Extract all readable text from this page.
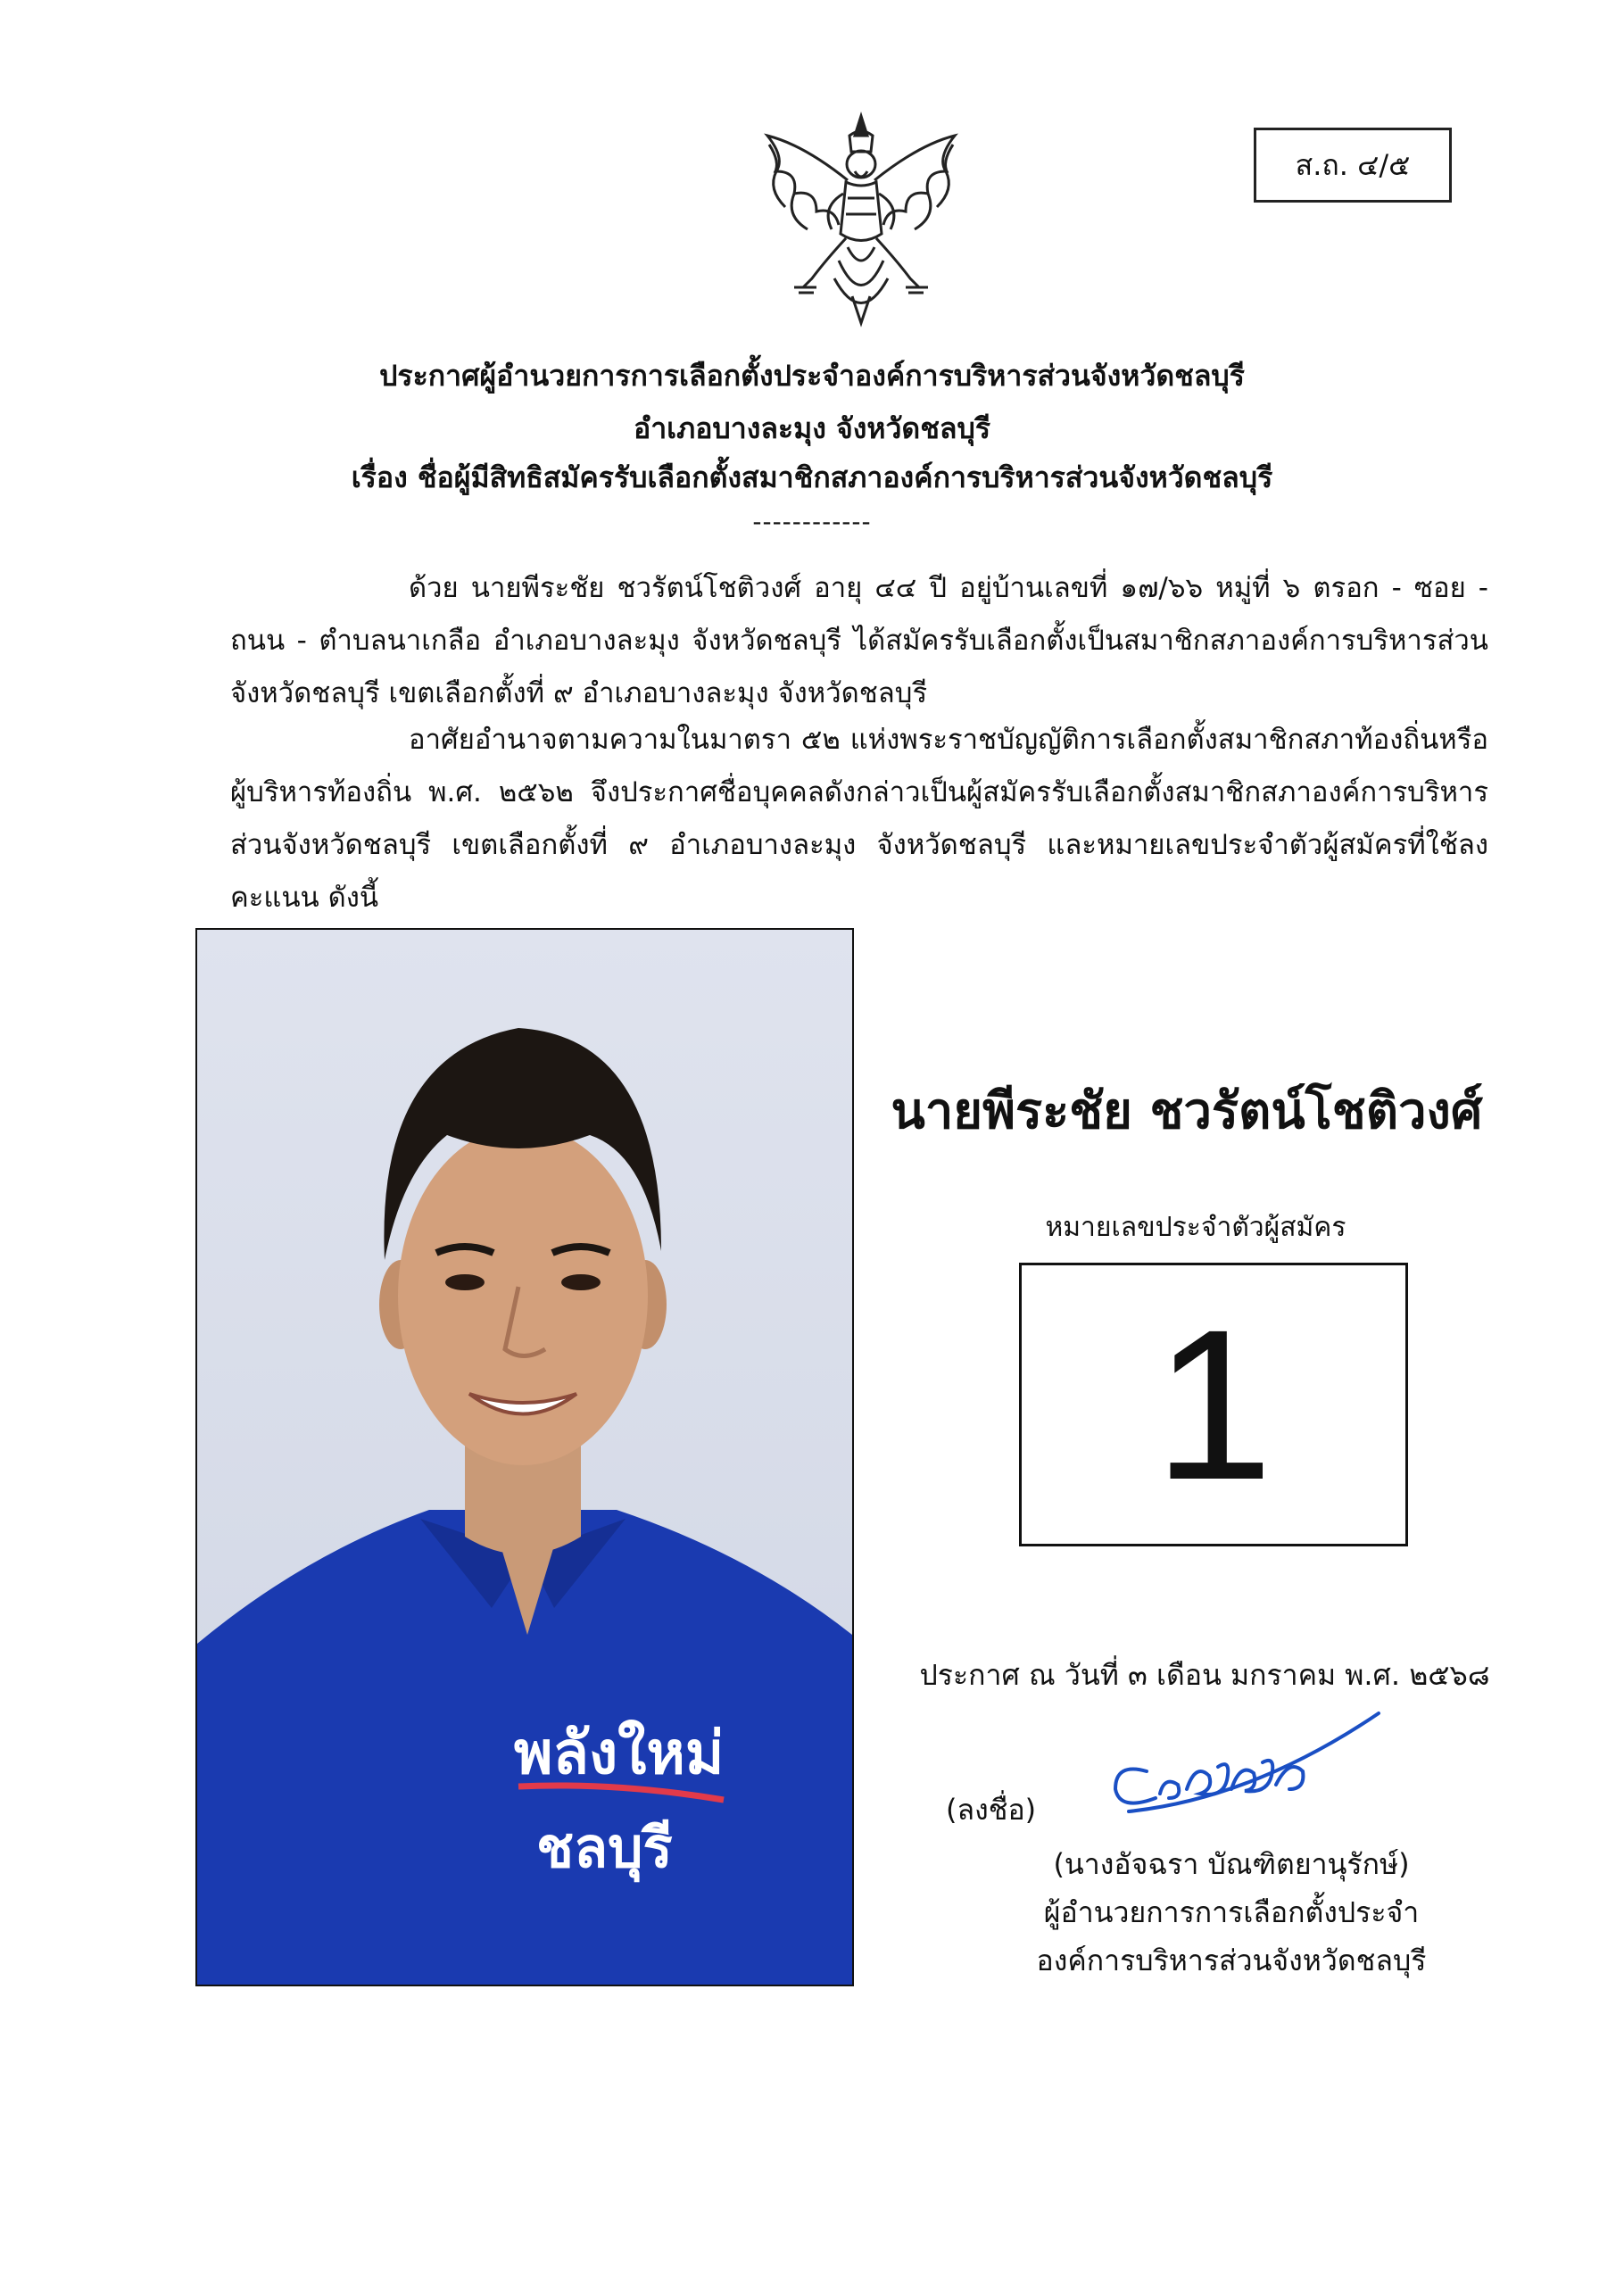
ส.ถ. ๔/๕
ประกาศผู้อำนวยการการเลือกตั้งประจำองค์การบริหารส่วนจังหวัดชลบุรี
อำเภอบางละมุง จังหวัดชลบุรี
เรื่อง ชื่อผู้มีสิทธิสมัครรับเลือกตั้งสมาชิกสภาองค์การบริหารส่วนจังหวัดชลบุรี
------------
ด้วย นายพีระชัย ชวรัตน์โชติวงศ์ อายุ ๔๔ ปี อยู่บ้านเลขที่ ๑๗/๖๖ หมู่ที่ ๖ ตรอก - ซอย - ถนน - ตำบลนาเกลือ อำเภอบางละมุง จังหวัดชลบุรี ได้สมัครรับเลือกตั้งเป็นสมาชิกสภาองค์การบริหารส่วนจังหวัดชลบุรี เขตเลือกตั้งที่ ๙ อำเภอบางละมุง จังหวัดชลบุรี
อาศัยอำนาจตามความในมาตรา ๕๒ แห่งพระราชบัญญัติการเลือกตั้งสมาชิกสภาท้องถิ่นหรือผู้บริหารท้องถิ่น พ.ศ. ๒๕๖๒ จึงประกาศชื่อบุคคลดังกล่าวเป็นผู้สมัครรับเลือกตั้งสมาชิกสภาองค์การบริหารส่วนจังหวัดชลบุรี เขตเลือกตั้งที่ ๙ อำเภอบางละมุง จังหวัดชลบุรี และหมายเลขประจำตัวผู้สมัครที่ใช้ลงคะแนน ดังนี้
พลังใหม่
ชลบุรี
นายพีระชัย ชวรัตน์โชติวงศ์
หมายเลขประจำตัวผู้สมัคร
1
ประกาศ ณ วันที่ ๓ เดือน มกราคม พ.ศ. ๒๕๖๘
(ลงชื่อ)
(นางอัจฉรา บัณฑิตยานุรักษ์)
ผู้อำนวยการการเลือกตั้งประจำ
องค์การบริหารส่วนจังหวัดชลบุรี
